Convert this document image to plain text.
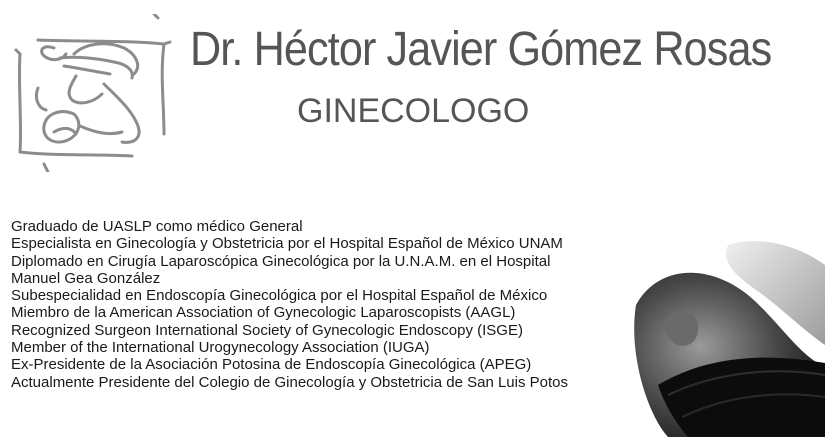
Dr. Héctor Javier Gómez Rosas
GINECOLOGO
Graduado de UASLP como médico General
Especialista en Ginecología y Obstetricia por el Hospital Español de México UNAM
Diplomado en Cirugía Laparoscópica Ginecológica por la U.N.A.M. en el Hospital
Manuel Gea González
Subespecialidad en Endoscopía Ginecológica por el Hospital Español de México
Miembro de la American Association of Gynecologic Laparoscopists (AAGL)
Recognized Surgeon International Society of Gynecologic Endoscopy (ISGE)
Member of the International Urogynecology Association (IUGA)
Ex-Presidente de la Asociación Potosina de Endoscopía Ginecológica (APEG)
Actualmente Presidente del Colegio de Ginecología y Obstetricia de San Luis Potos
